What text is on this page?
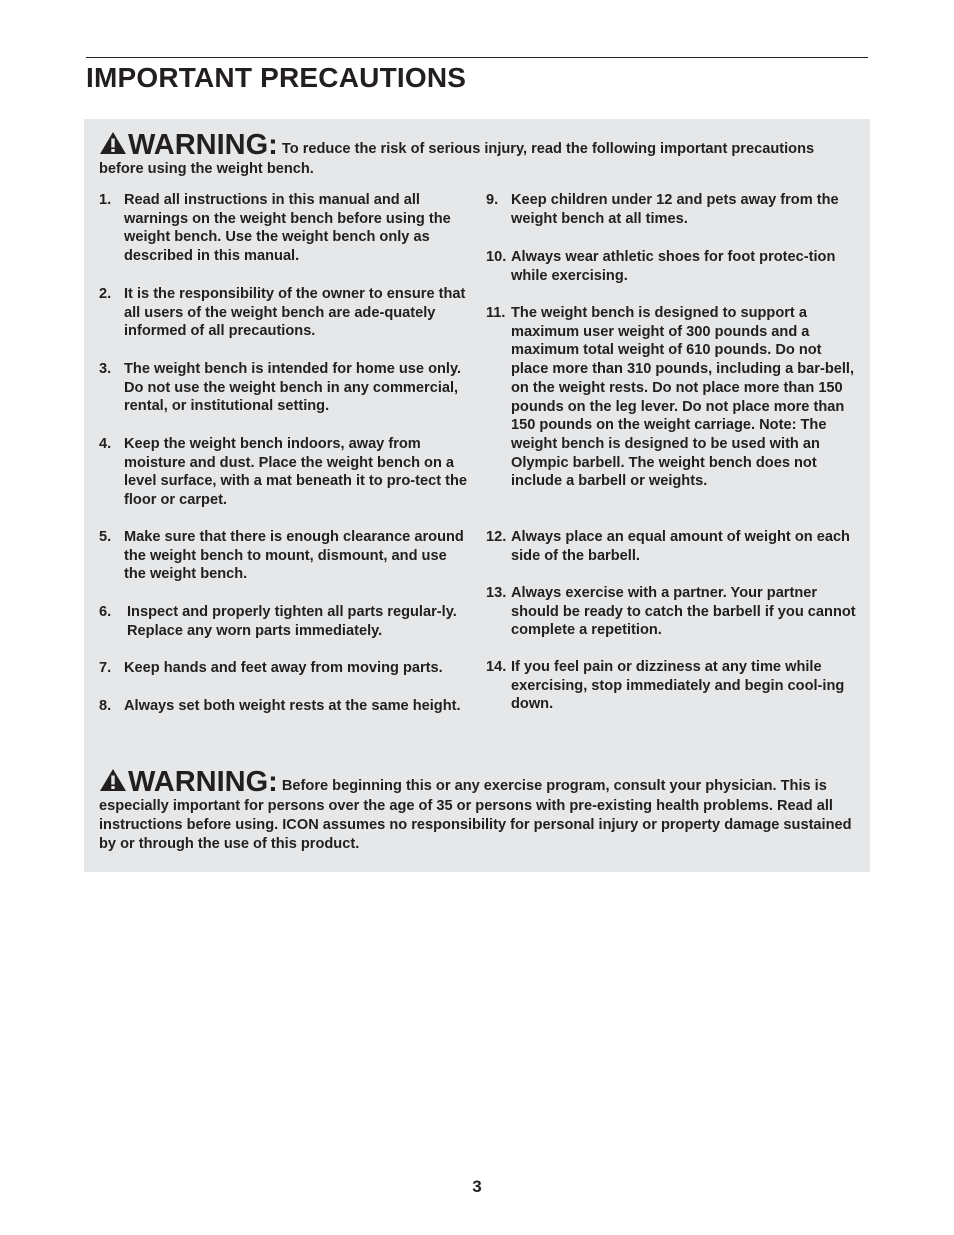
IMPORTANT PRECAUTIONS
WARNING: To reduce the risk of serious injury, read the following important precautions before using the weight bench.
1. Read all instructions in this manual and all warnings on the weight bench before using the weight bench. Use the weight bench only as described in this manual.
2. It is the responsibility of the owner to ensure that all users of the weight bench are ade-quately informed of all precautions.
3. The weight bench is intended for home use only. Do not use the weight bench in any commercial, rental, or institutional setting.
4. Keep the weight bench indoors, away from moisture and dust. Place the weight bench on a level surface, with a mat beneath it to pro-tect the floor or carpet.
5. Make sure that there is enough clearance around the weight bench to mount, dismount, and use the weight bench.
6.	Inspect and properly tighten all parts regular-ly. Replace any worn parts immediately.
7. Keep hands and feet away from moving parts.
8. Always set both weight rests at the same height.
9. Keep children under 12 and pets away from the weight bench at all times.
10. Always wear athletic shoes for foot protec-tion while exercising.
11. The weight bench is designed to support a maximum user weight of 300 pounds and a maximum total weight of 610 pounds. Do not place more than 310 pounds, including a bar-bell, on the weight rests. Do not place more than 150 pounds on the leg lever. Do not place more than 150 pounds on the weight carriage. Note: The weight bench is designed to be used with an Olympic barbell. The weight bench does not include a barbell or weights.
12. Always place an equal amount of weight on each side of the barbell.
13. Always exercise with a partner. Your partner should be ready to catch the barbell if you cannot complete a repetition.
14. If you feel pain or dizziness at any time while exercising, stop immediately and begin cool-ing down.
WARNING: Before beginning this or any exercise program, consult your physician. This is especially important for persons over the age of 35 or persons with pre-existing health problems. Read all instructions before using. ICON assumes no responsibility for personal injury or property damage sustained by or through the use of this product.
3
